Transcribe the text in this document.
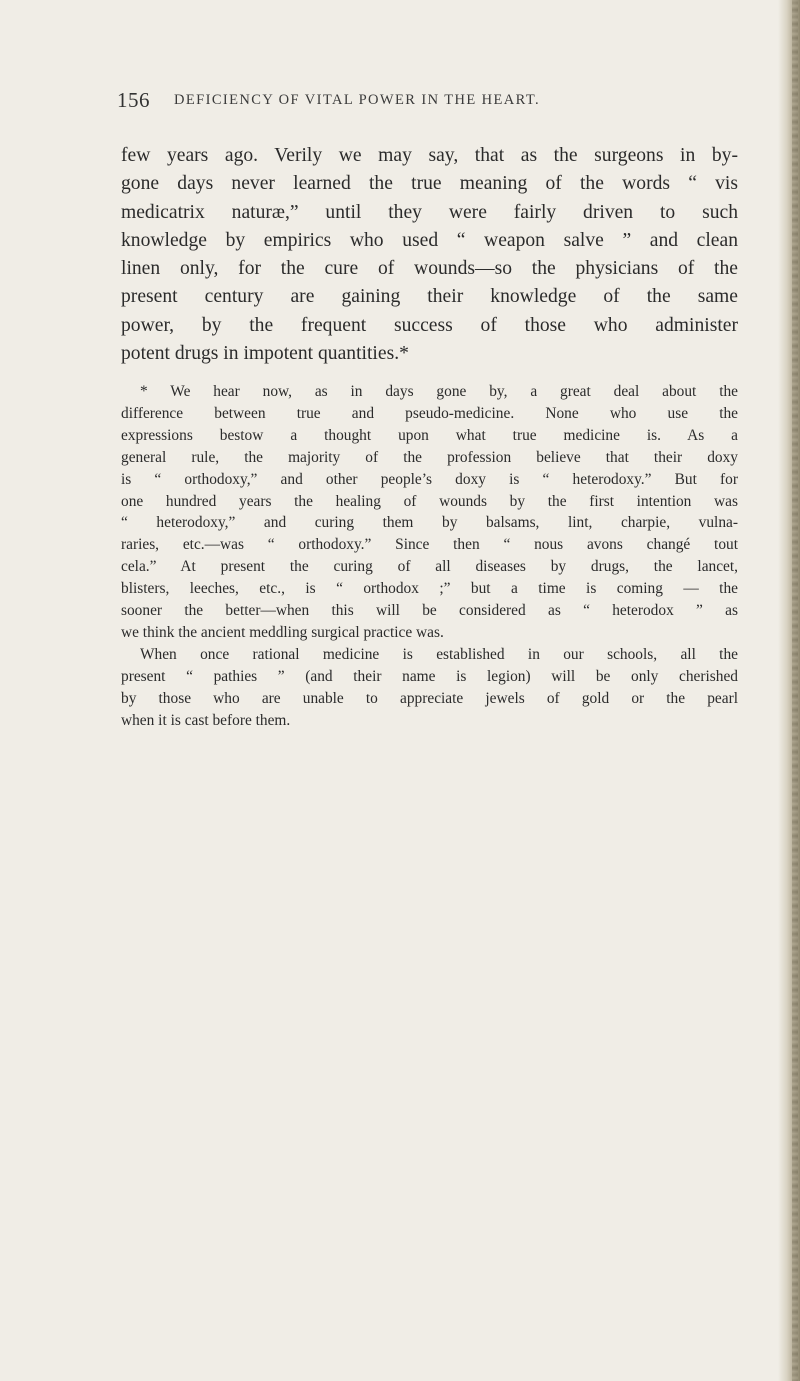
156 DEFICIENCY OF VITAL POWER IN THE HEART.
few years ago. Verily we may say, that as the surgeons in by-
gone days never learned the true meaning of the words “ vis
medicatrix naturæ,” until they were fairly driven to such
knowledge by empirics who used “ weapon salve ” and clean
linen only, for the cure of wounds—so the physicians of the
present century are gaining their knowledge of the same
power, by the frequent success of those who administer
potent drugs in impotent quantities.*
* We hear now, as in days gone by, a great deal about the
difference between true and pseudo-medicine. None who use the
expressions bestow a thought upon what true medicine is. As a
general rule, the majority of the profession believe that their doxy
is “ orthodoxy,” and other people’s doxy is “ heterodoxy.” But for
one hundred years the healing of wounds by the first intention was
“ heterodoxy,” and curing them by balsams, lint, charpie, vulna-
raries, etc.—was “ orthodoxy.” Since then “ nous avons changé tout
cela.” At present the curing of all diseases by drugs, the lancet,
blisters, leeches, etc., is “ orthodox ;” but a time is coming — the
sooner the better—when this will be considered as “ heterodox ” as
we think the ancient meddling surgical practice was.
When once rational medicine is established in our schools, all the
present “ pathies ” (and their name is legion) will be only cherished
by those who are unable to appreciate jewels of gold or the pearl
when it is cast before them.
